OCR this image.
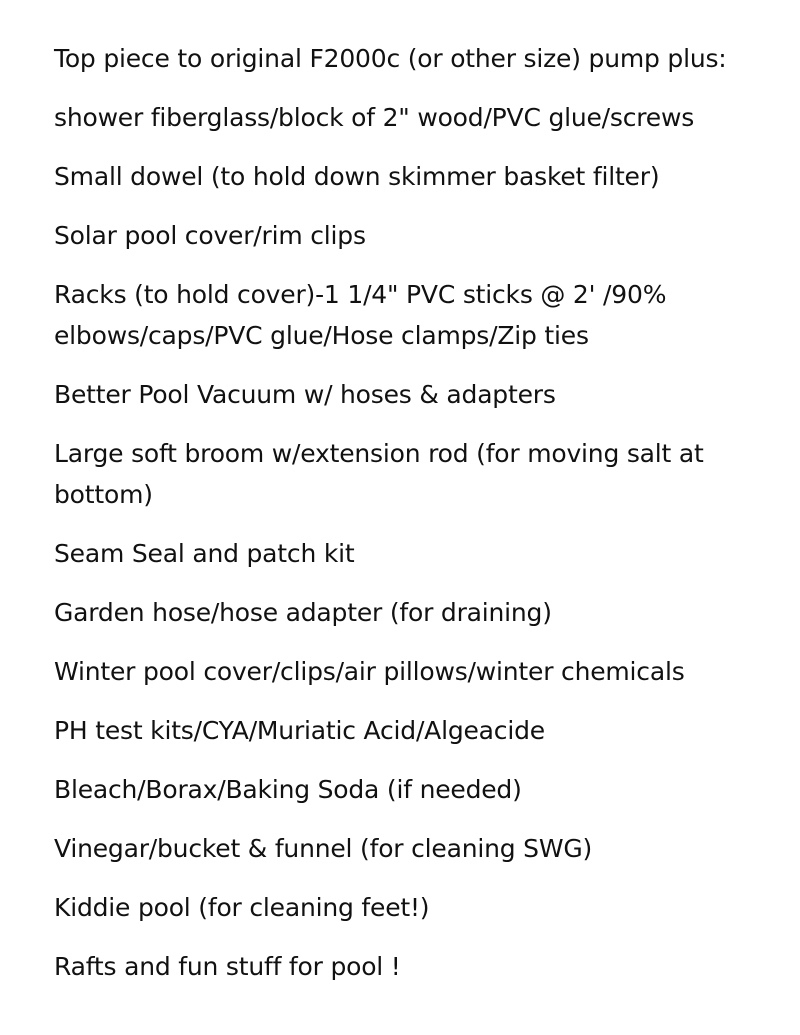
Top piece to original F2000c (or other size) pump plus:
shower fiberglass/block of 2" wood/PVC glue/screws
Small dowel (to hold down skimmer basket filter)
Solar pool cover/rim clips
Racks (to hold cover)-1 1/4" PVC sticks @ 2' /90% elbows/caps/PVC glue/Hose clamps/Zip ties
Better Pool Vacuum w/ hoses & adapters
Large soft broom w/extension rod (for moving salt at bottom)
Seam Seal and patch kit
Garden hose/hose adapter (for draining)
Winter pool cover/clips/air pillows/winter chemicals
PH test kits/CYA/Muriatic Acid/Algeacide
Bleach/Borax/Baking Soda (if needed)
Vinegar/bucket & funnel (for cleaning SWG)
Kiddie pool (for cleaning feet!)
Rafts and fun stuff for pool !
